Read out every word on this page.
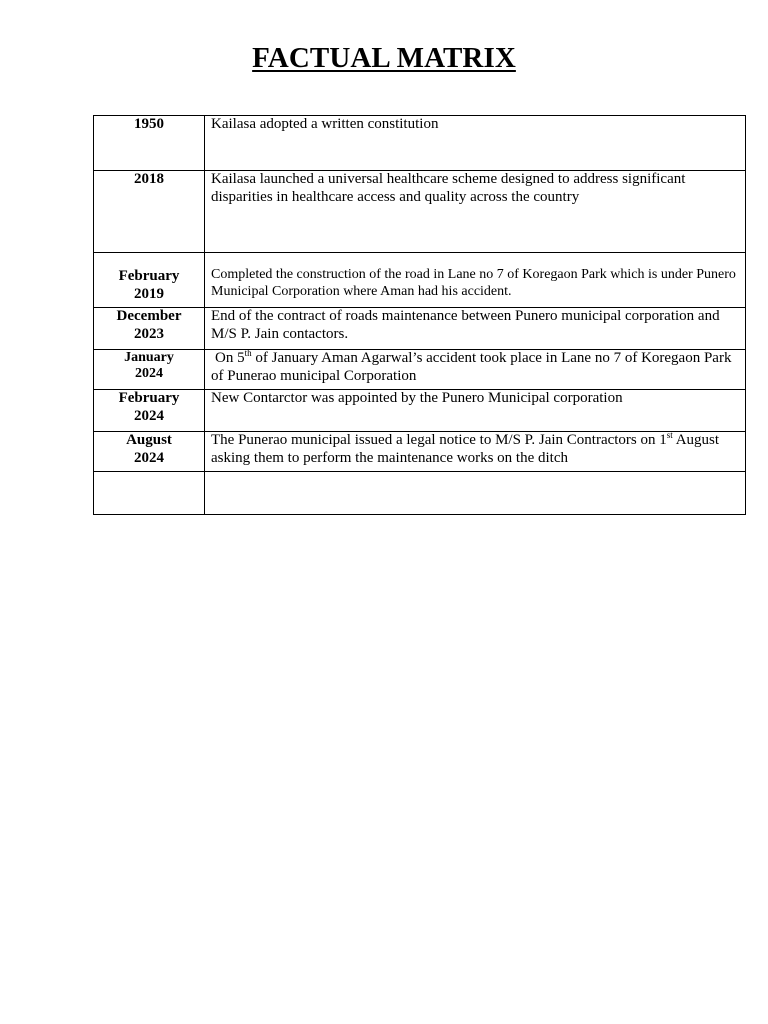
FACTUAL MATRIX
1950	Kailasa adopted a written constitution
2018	Kailasa launched a universal healthcare scheme designed to address significant disparities in healthcare access and quality across the country
February
2019	Completed the construction of the road in Lane no 7 of Koregaon Park which is under Punero Municipal Corporation where Aman had his accident.
December
2023	End of the contract of roads maintenance between Punero municipal corporation and M/S P. Jain contactors.
January
2024	On 5th of January Aman Agarwal’s accident took place in Lane no 7 of Koregaon Park of Punerao municipal Corporation
February
2024	New Contarctor was appointed by the Punero Municipal corporation
August
2024	The Punerao municipal issued a legal notice to M/S P. Jain Contractors on 1st August asking them to perform the maintenance works on the ditch
